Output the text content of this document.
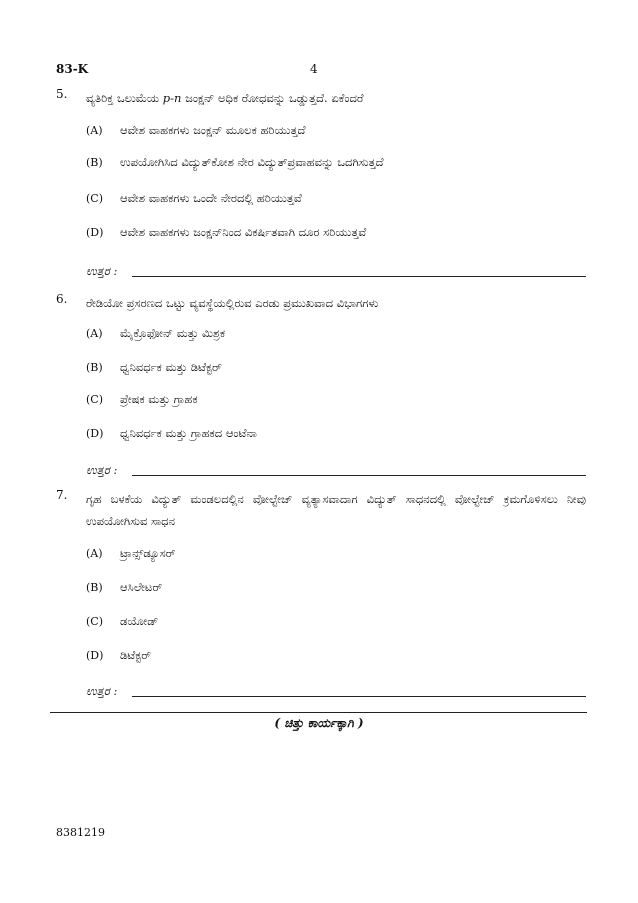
83-K	4
5. ವ್ಯತಿರಿಕ್ತ ಒಲುಮೆಯ p-n ಜಂಕ್ಷನ್ ಅಧಿಕ ರೋಧವನ್ನು ಒಡ್ಡುತ್ತದೆ. ಏಕೆಂದರೆ
(A) ಆವೇಶ ವಾಹಕಗಳು ಜಂಕ್ಷನ್ ಮೂಲಕ ಹರಿಯುತ್ತದೆ
(B) ಉಪಯೋಗಿಸಿದ ವಿದ್ಯುತ್‌ಕೋಶ ನೇರ ವಿದ್ಯುತ್‌ಪ್ರವಾಹವನ್ನು ಒದಗಿಸುತ್ತದೆ
(C) ಆವೇಶ ವಾಹಕಗಳು ಒಂದೇ ನೇರದಲ್ಲಿ ಹರಿಯುತ್ತವೆ
(D) ಆವೇಶ ವಾಹಕಗಳು ಜಂಕ್ಷನ್‌ನಿಂದ ವಿಕರ್ಷಿತವಾಗಿ ದೂರ ಸರಿಯುತ್ತವೆ
ಉತ್ತರ :
6. ರೇಡಿಯೋ ಪ್ರಸರಣದ ಒಟ್ಟು ವ್ಯವಸ್ಥೆಯಲ್ಲಿರುವ ಎರಡು ಪ್ರಮುಖವಾದ ವಿಭಾಗಗಳು
(A) ಮೈಕ್ರೊಫೋನ್ ಮತ್ತು ಮಿಶ್ರಕ
(B) ಧ್ವನಿವರ್ಧಕ ಮತ್ತು ಡಿಟೆಕ್ಟರ್
(C) ಪ್ರೇಷಕ ಮತ್ತು ಗ್ರಾಹಕ
(D) ಧ್ವನಿವರ್ಧಕ ಮತ್ತು ಗ್ರಾಹಕದ ಆಂಟೆನಾ
ಉತ್ತರ :
7. ಗೃಹ ಬಳಕೆಯ ವಿದ್ಯುತ್ ಮಂಡಲದಲ್ಲಿನ ವೋಲ್ಟೇಜ್ ವ್ಯತ್ಯಾಸವಾದಾಗ ವಿದ್ಯುತ್ ಸಾಧನದಲ್ಲಿ ವೋಲ್ಟೇಜ್ ಕ್ರಮಗೊಳಿಸಲು ನೀವು ಉಪಯೋಗಿಸುವ ಸಾಧನ
(A) ಟ್ರಾನ್ಸ್‌ಡ್ಯೂಸರ್
(B) ಆಸಿಲೇಟರ್
(C) ಡಯೋಡ್
(D) ಡಿಟೆಕ್ಟರ್
ಉತ್ತರ :
( ಚಿತ್ತು ಕಾರ್ಯಕ್ಕಾಗಿ )
8381219
